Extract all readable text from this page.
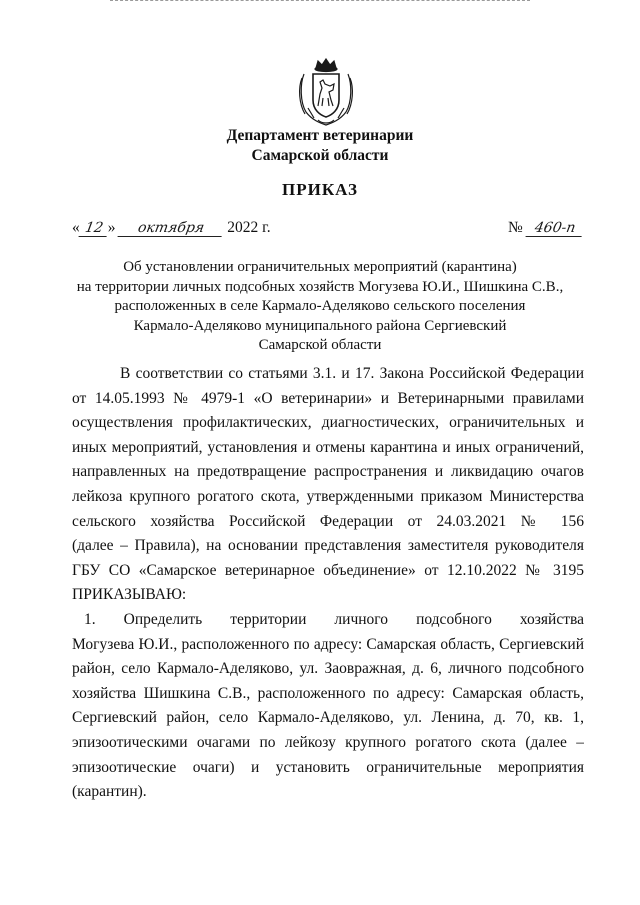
Департамент ветеринарии
Самарской области
ПРИКАЗ
« 12 » октября 2022 г.	№ 460-п
Об установлении ограничительных мероприятий (карантина)
на территории личных подсобных хозяйств Могузева Ю.И., Шишкина С.В.,
расположенных в селе Кармало-Аделяково сельского поселения
Кармало-Аделяково муниципального района Сергиевский
Самарской области
В соответствии со статьями 3.1. и 17. Закона Российской Федерации
от 14.05.1993 № 4979-1 «О ветеринарии» и Ветеринарными правилами
осуществления профилактических, диагностических, ограничительных и
иных мероприятий, установления и отмены карантина и иных ограничений,
направленных на предотвращение распространения и ликвидацию очагов
лейкоза крупного рогатого скота, утвержденными приказом Министерства
сельского хозяйства Российской Федерации от 24.03.2021 № 156
(далее – Правила), на основании представления заместителя руководителя
ГБУ СО «Самарское ветеринарное объединение» от 12.10.2022 № 3195
ПРИКАЗЫВАЮ:
1. Определить территории личного подсобного хозяйства
Могузева Ю.И., расположенного по адресу: Самарская область, Сергиевский
район, село Кармало-Аделяково, ул. Заовражная, д. 6, личного подсобного
хозяйства Шишкина С.В., расположенного по адресу: Самарская область,
Сергиевский район, село Кармало-Аделяково, ул. Ленина, д. 70, кв. 1,
эпизоотическими очагами по лейкозу крупного рогатого скота (далее –
эпизоотические очаги) и установить ограничительные мероприятия
(карантин).
